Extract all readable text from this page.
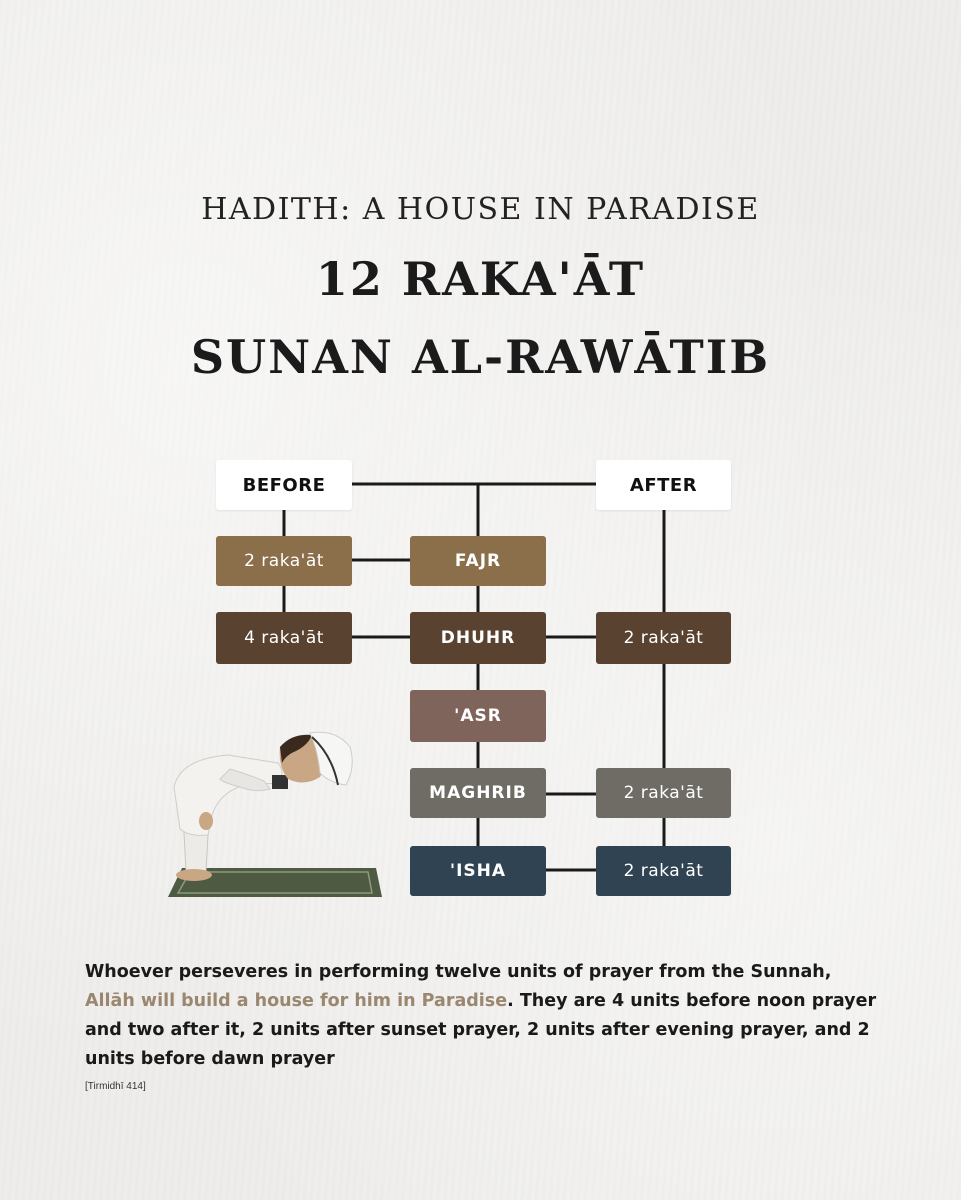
HADITH: A HOUSE IN PARADISE
12 RAKA'ĀT
SUNAN AL-RAWĀTIB
BEFORE	AFTER
FAJR
DHUHR
'ASR
MAGHRIB
'ISHA
2 raka'āt
4 raka'āt	2 raka'āt
2 raka'āt
2 raka'āt
Whoever perseveres in performing twelve units of prayer from the Sunnah, Allāh will build a house for him in Paradise. They are 4 units before noon prayer and two after it, 2 units after sunset prayer, 2 units after evening prayer, and 2 units before dawn prayer
[Tirmidhī 414]
